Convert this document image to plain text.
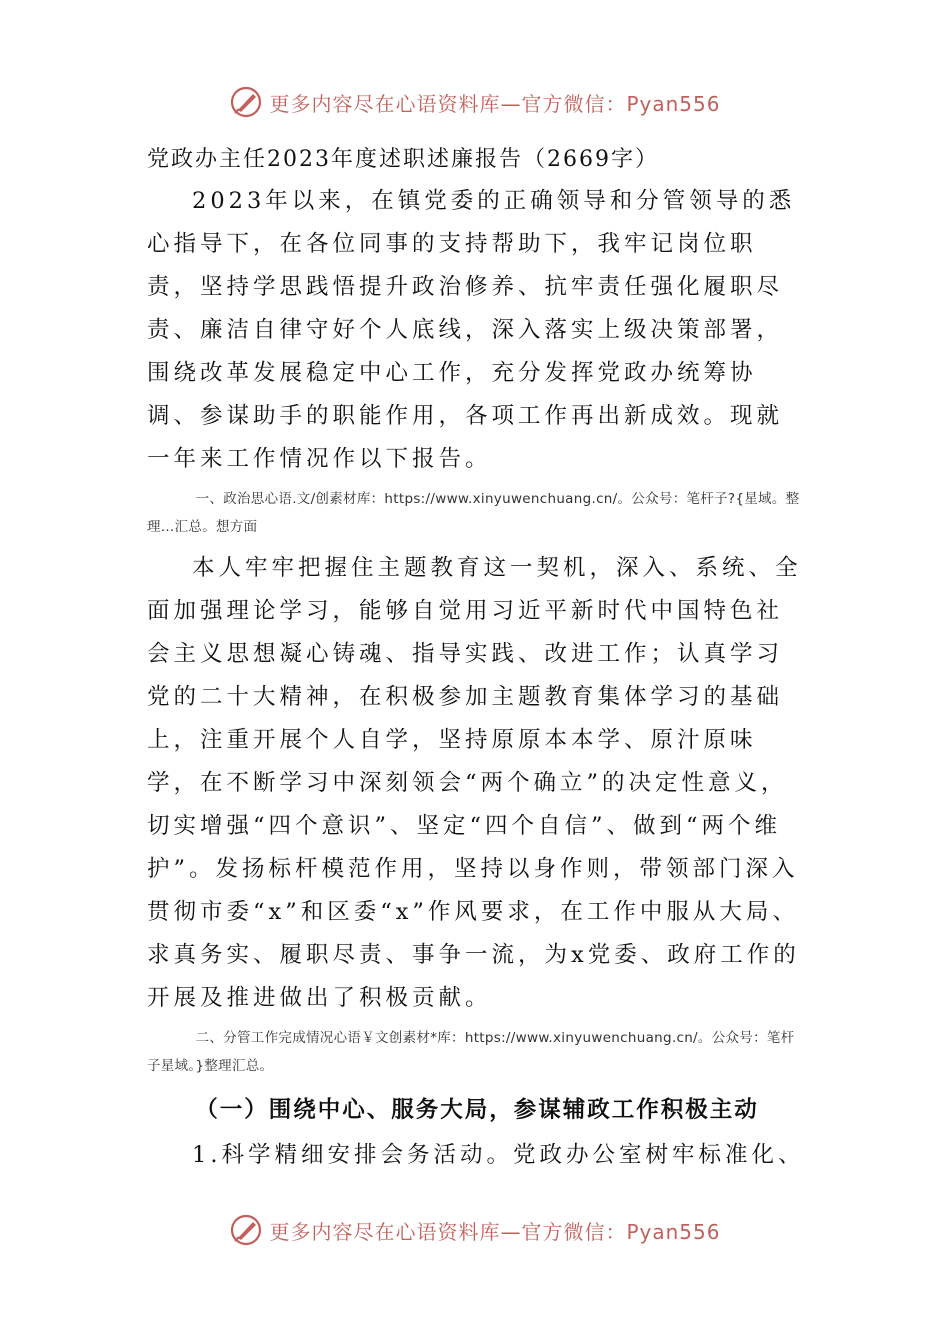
更多内容尽在心语资料库—官方微信：Pyan556

党政办主任2023年度述职述廉报告（2669字）

2023年以来，在镇党委的正确领导和分管领导的悉心指导下，在各位同事的支持帮助下，我牢记岗位职责，坚持学思践悟提升政治修养、抗牢责任强化履职尽责、廉洁自律守好个人底线，深入落实上级决策部署，围绕改革发展稳定中心工作，充分发挥党政办统筹协调、参谋助手的职能作用，各项工作再出新成效。现就一年来工作情况作以下报告。

一、政治思心语.文/创素材库：https://www.xinyuwenchuang.cn/。公众号：笔杆子?{星域。整理…汇总。想方面

本人牢牢把握住主题教育这一契机，深入、系统、全面加强理论学习，能够自觉用习近平新时代中国特色社会主义思想凝心铸魂、指导实践、改进工作；认真学习党的二十大精神，在积极参加主题教育集体学习的基础上，注重开展个人自学，坚持原原本本学、原汁原味学，在不断学习中深刻领会“两个确立”的决定性意义，切实增强“四个意识”、坚定“四个自信”、做到“两个维护”。发扬标杆模范作用，坚持以身作则，带领部门深入贯彻市委“x”和区委“x”作风要求，在工作中服从大局、求真务实、履职尽责、事争一流，为x党委、政府工作的开展及推进做出了积极贡献。

二、分管工作完成情况心语￥文创素材*库：https://www.xinyuwenchuang.cn/。公众号：笔杆子星域。}整理汇总。

（一）围绕中心、服务大局，参谋辅政工作积极主动

1.科学精细安排会务活动。党政办公室树牢标准化、

更多内容尽在心语资料库—官方微信：Pyan556
